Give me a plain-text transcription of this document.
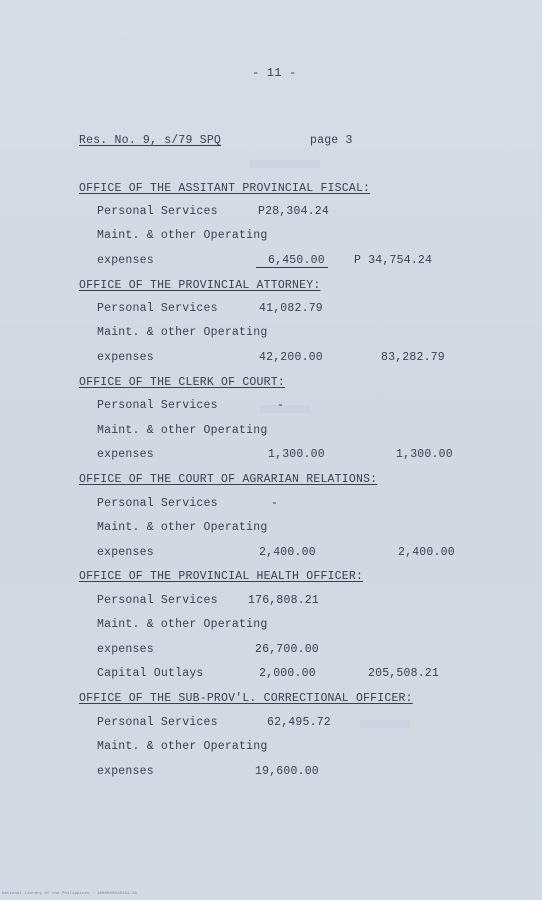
- 11 -
Res. No. 9, s/79 SPQ	page 3
OFFICE OF THE ASSITANT PROVINCIAL FISCAL:
Personal Services	P28,304.24
Maint. & other Operating
expenses	6,450.00	P 34,754.24
OFFICE OF THE PROVINCIAL ATTORNEY:
Personal Services	41,082.79
Maint. & other Operating
expenses	42,200.00	83,282.79
OFFICE OF THE CLERK OF COURT:
Personal Services	-
Maint. & other Operating
expenses	1,300.00	1,300.00
OFFICE OF THE COURT OF AGRARIAN RELATIONS:
Personal Services	-
Maint. & other Operating
expenses	2,400.00	2,400.00
OFFICE OF THE PROVINCIAL HEALTH OFFICER:
Personal Services	176,808.21
Maint. & other Operating
expenses	26,700.00
Capital Outlays	2,000.00	205,508.21
OFFICE OF THE SUB-PROV'L. CORRECTIONAL OFFICER:
Personal Services	62,495.72
Maint. & other Operating
expenses	19,600.00
National Library of the Philippines · 1000000010141-10
